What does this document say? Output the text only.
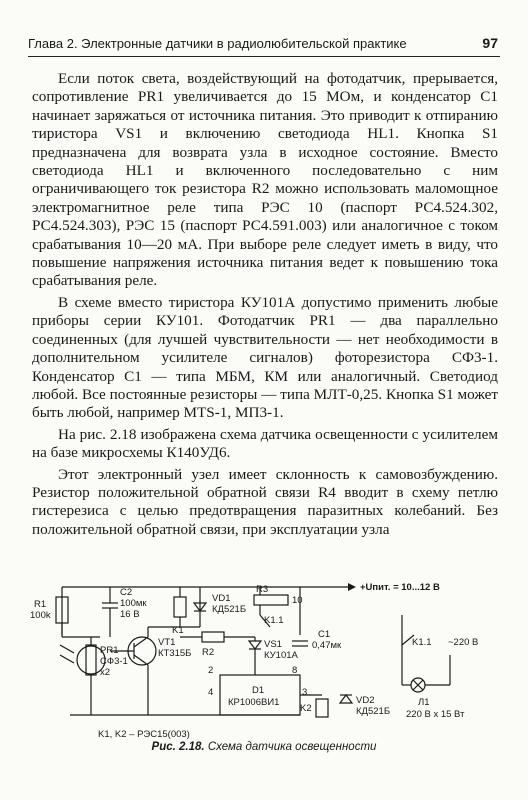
Глава 2. Электронные датчики в радиолюбительской практике	97

Если поток света, воздействующий на фотодатчик, прерывается, сопротивление PR1 увеличивается до 15 МОм, и конденсатор C1 начинает заряжаться от источника питания. Это приводит к отпиранию тиристора VS1 и включению светодиода HL1. Кнопка S1 предназначена для возврата узла в исходное состояние. Вместо светодиода HL1 и включенного последовательно с ним ограничивающего ток резистора R2 можно использовать маломощное электромагнитное реле типа РЭС 10 (паспорт РС4.524.302, РС4.524.303), РЭС 15 (паспорт РС4.591.003) или аналогичное с током срабатывания 10—20 мА. При выборе реле следует иметь в виду, что повышение напряжения источника питания ведет к повышению тока срабатывания реле.

В схеме вместо тиристора КУ101А допустимо применить любые приборы серии КУ101. Фотодатчик PR1 — два параллельно соединенных (для лучшей чувствительности — нет необходимости в дополнительном усилителе сигналов) фоторезистора СФ3-1. Конденсатор C1 — типа МБМ, КМ или аналогичный. Светодиод любой. Все постоянные резисторы — типа МЛТ-0,25. Кнопка S1 может быть любой, например MTS-1, МП3-1.

На рис. 2.18 изображена схема датчика освещенности с усилителем на базе микросхемы К140УД6.

Этот электронный узел имеет склонность к самовозбуждению. Резистор положительной обратной связи R4 вводит в схему петлю гистерезиса с целью предотвращения паразитных колебаний. Без положительной обратной связи, при эксплуатации узла

+Uпит. = 10...12 В
R1
100k
PR1
СФ3-1
x2
C2
100мк
16 В
VT1
КТ315Б
K1
VD1
КД521Б
R2
R3
10
K1.1
VS1
КУ101А
C1
0,47мк
D1
КР1006ВИ1
2
4
8
3
K2
VD2
КД521Б
K1, K2 – РЭС15(003)
K1.1 ~220 В
Л1
220 В х 15 Вт
Рис. 2.18. Схема датчика освещенности
